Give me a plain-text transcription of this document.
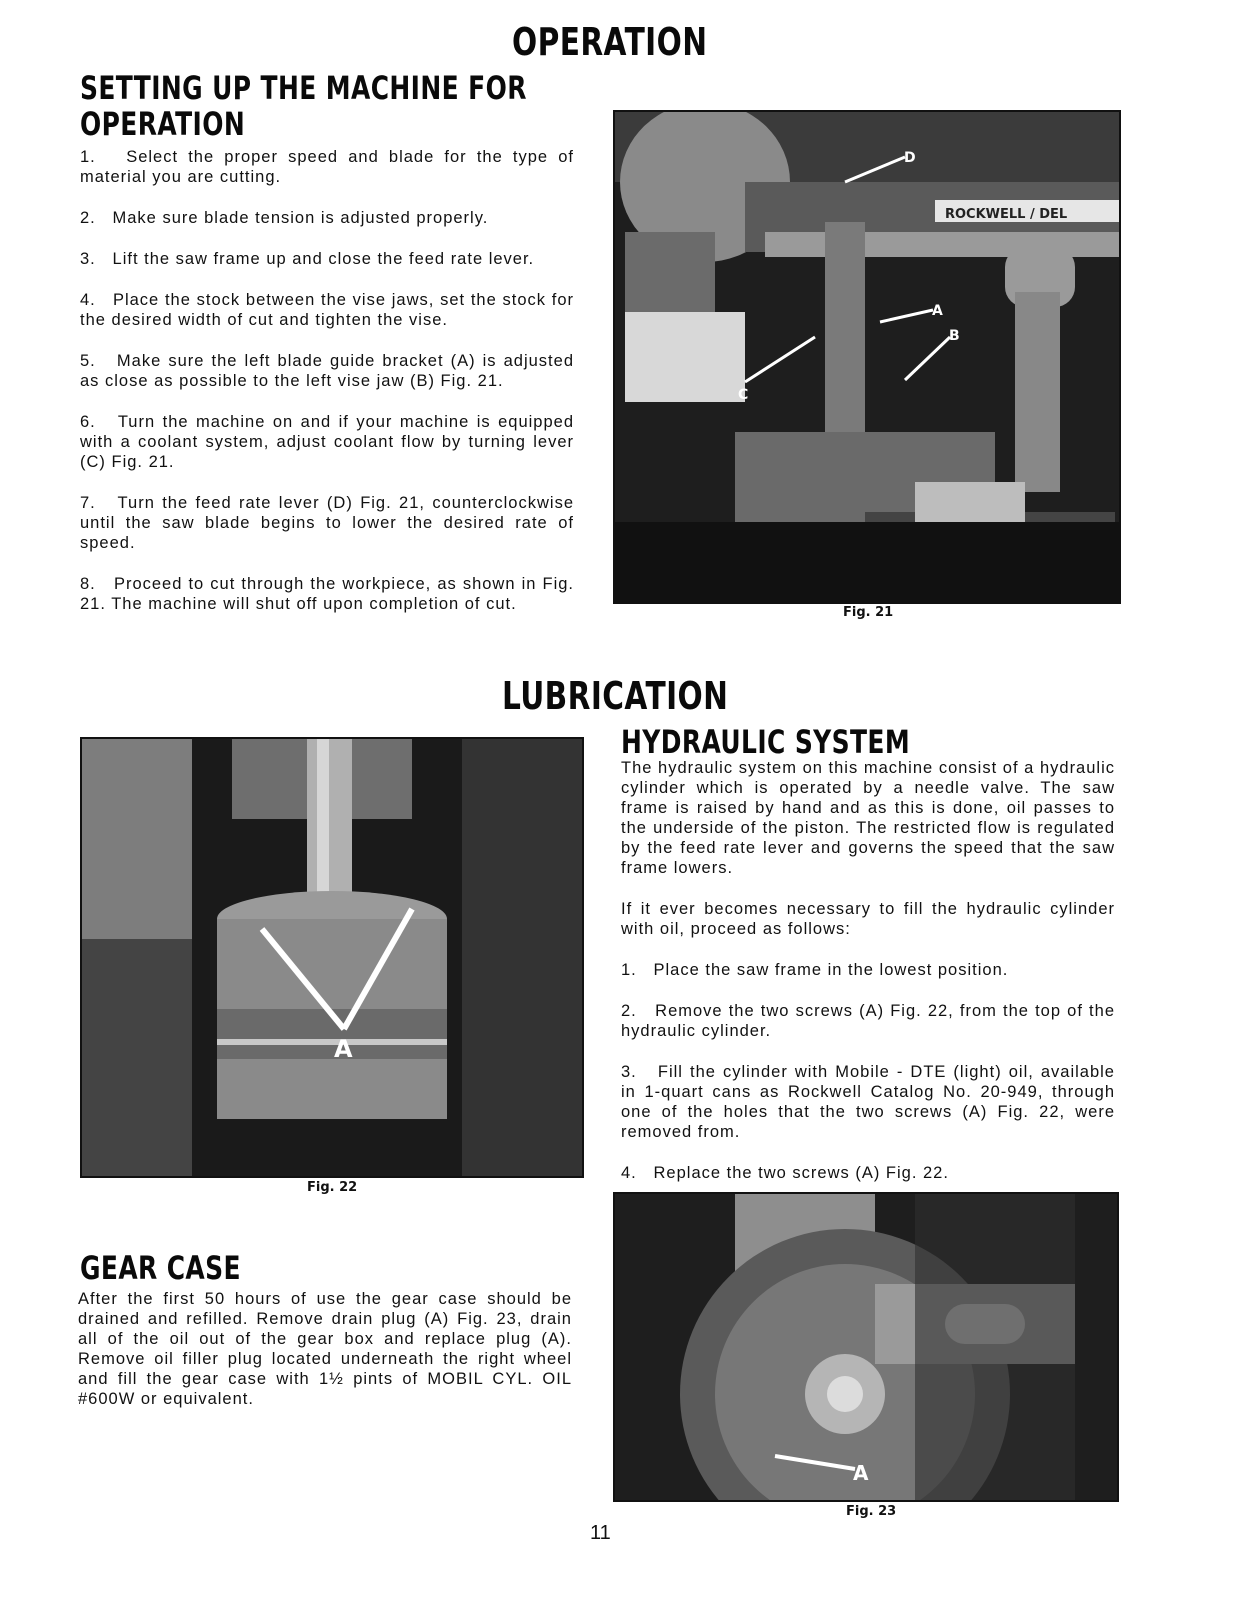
OPERATION
SETTING UP THE MACHINE FOR
OPERATION

1.   Select the proper speed and blade for the type of material you are cutting.

2.   Make sure blade tension is adjusted properly.

3.   Lift the saw frame up and close the feed rate lever.

4.   Place the stock between the vise jaws, set the stock for the desired width of cut and tighten the vise.

5.   Make sure the left blade guide bracket (A) is adjusted as close as possible to the left vise jaw (B) Fig. 21.

6.   Turn the machine on and if your machine is equipped with a coolant system, adjust coolant flow by turning lever (C) Fig. 21.

7.   Turn the feed rate lever (D) Fig. 21, counterclockwise until the saw blade begins to lower the desired rate of speed.

8.   Proceed to cut through the workpiece, as shown in Fig. 21. The machine will shut off upon completion of cut.

ROCKWELL / DEL
D
A
B
C
Fig. 21
LUBRICATION
A
Fig. 22
HYDRAULIC SYSTEM

The hydraulic system on this machine consist of a hydraulic cylinder which is operated by a needle valve. The saw frame is raised by hand and as this is done, oil passes to the underside of the piston. The restricted flow is regulated by the feed rate lever and governs the speed that the saw frame lowers.

If it ever becomes necessary to fill the hydraulic cylinder with oil, proceed as follows:

1.   Place the saw frame in the lowest position.

2.   Remove the two screws (A) Fig. 22, from the top of the hydraulic cylinder.

3.   Fill the cylinder with Mobile - DTE (light) oil, available in 1-quart cans as Rockwell Catalog No. 20-949, through one of the holes that the two screws (A) Fig. 22, were removed from.

4.   Replace the two screws (A) Fig. 22.

GEAR CASE

After the first 50 hours of use the gear case should be drained and refilled. Remove drain plug (A) Fig. 23, drain all of the oil out of the gear box and replace plug (A). Remove oil filler plug located underneath the right wheel and fill the gear case with 1½ pints of MOBIL CYL. OIL #600W or equivalent.

A
Fig. 23
11
